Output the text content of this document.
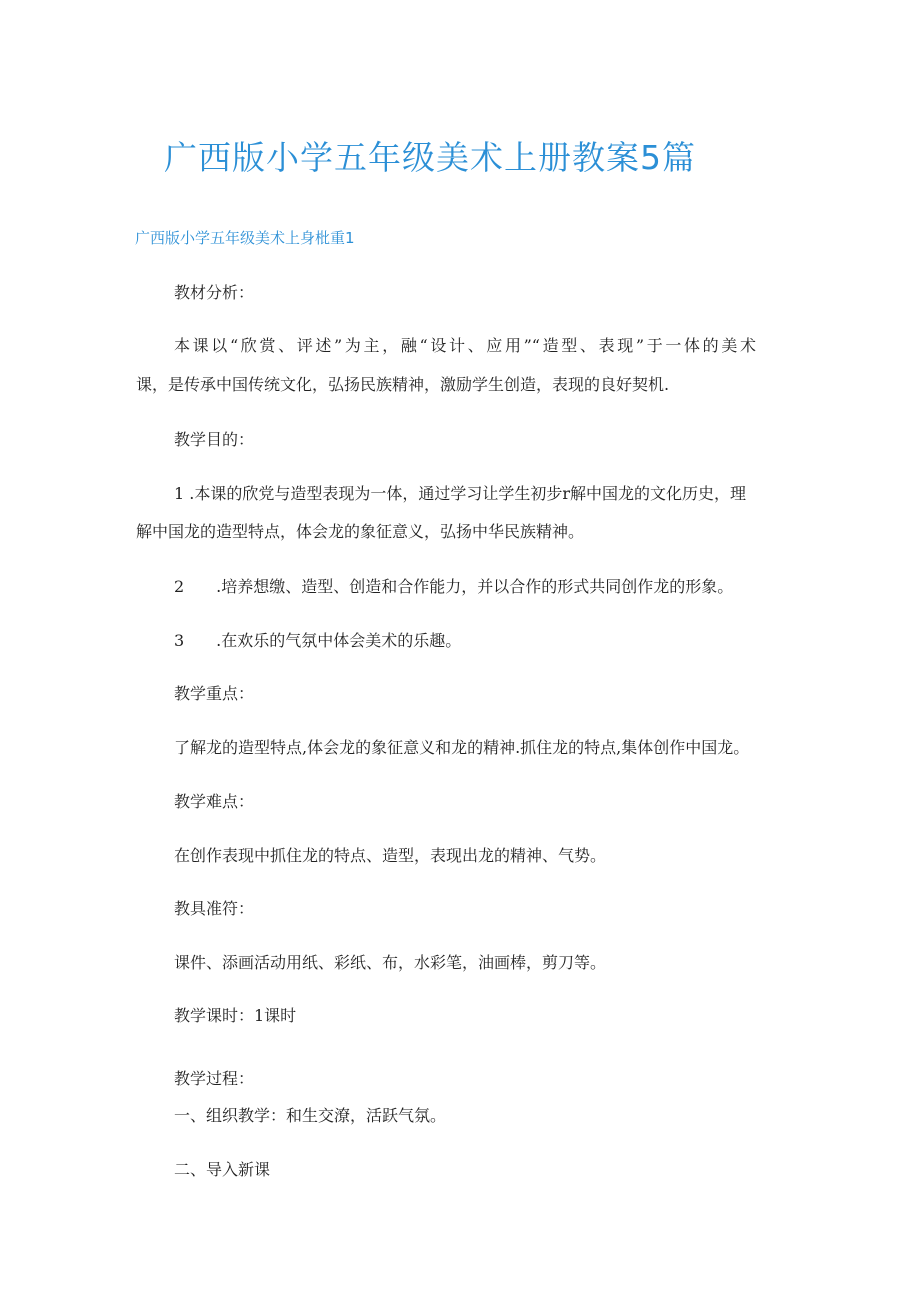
广西版小学五年级美术上册教案5篇
广西版小学五年级美术上身枇重1
教材分析：
本课以“欣赏、评述”为主，融“设计、应用”“造型、表现”于一体的美术
课，是传承中国传统文化，弘扬民族精神，激励学生创造，表现的良好契机.
教学目的：
1 .本课的欣党与造型表现为一体，通过学习让学生初步r解中国龙的文化历史，理
解中国龙的造型特点，体会龙的象征意义，弘扬中华民族精神。
2　　.培养想缴、造型、创造和合作能力，并以合作的形式共同创作龙的形象。
3　　.在欢乐的气氛中体会美术的乐趣。
教学重点：
了解龙的造型特点,体会龙的象征意义和龙的精神.抓住龙的特点,集体创作中国龙。
教学难点：
在创作表现中抓住龙的特点、造型，表现出龙的精神、气势。
教具准符：
课件、添画活动用纸、彩纸、布，水彩笔，油画棒，剪刀等。
教学课时：1课时
教学过程：
一、组织教学：和生交潦，活跃气氛。
二、导入新课
